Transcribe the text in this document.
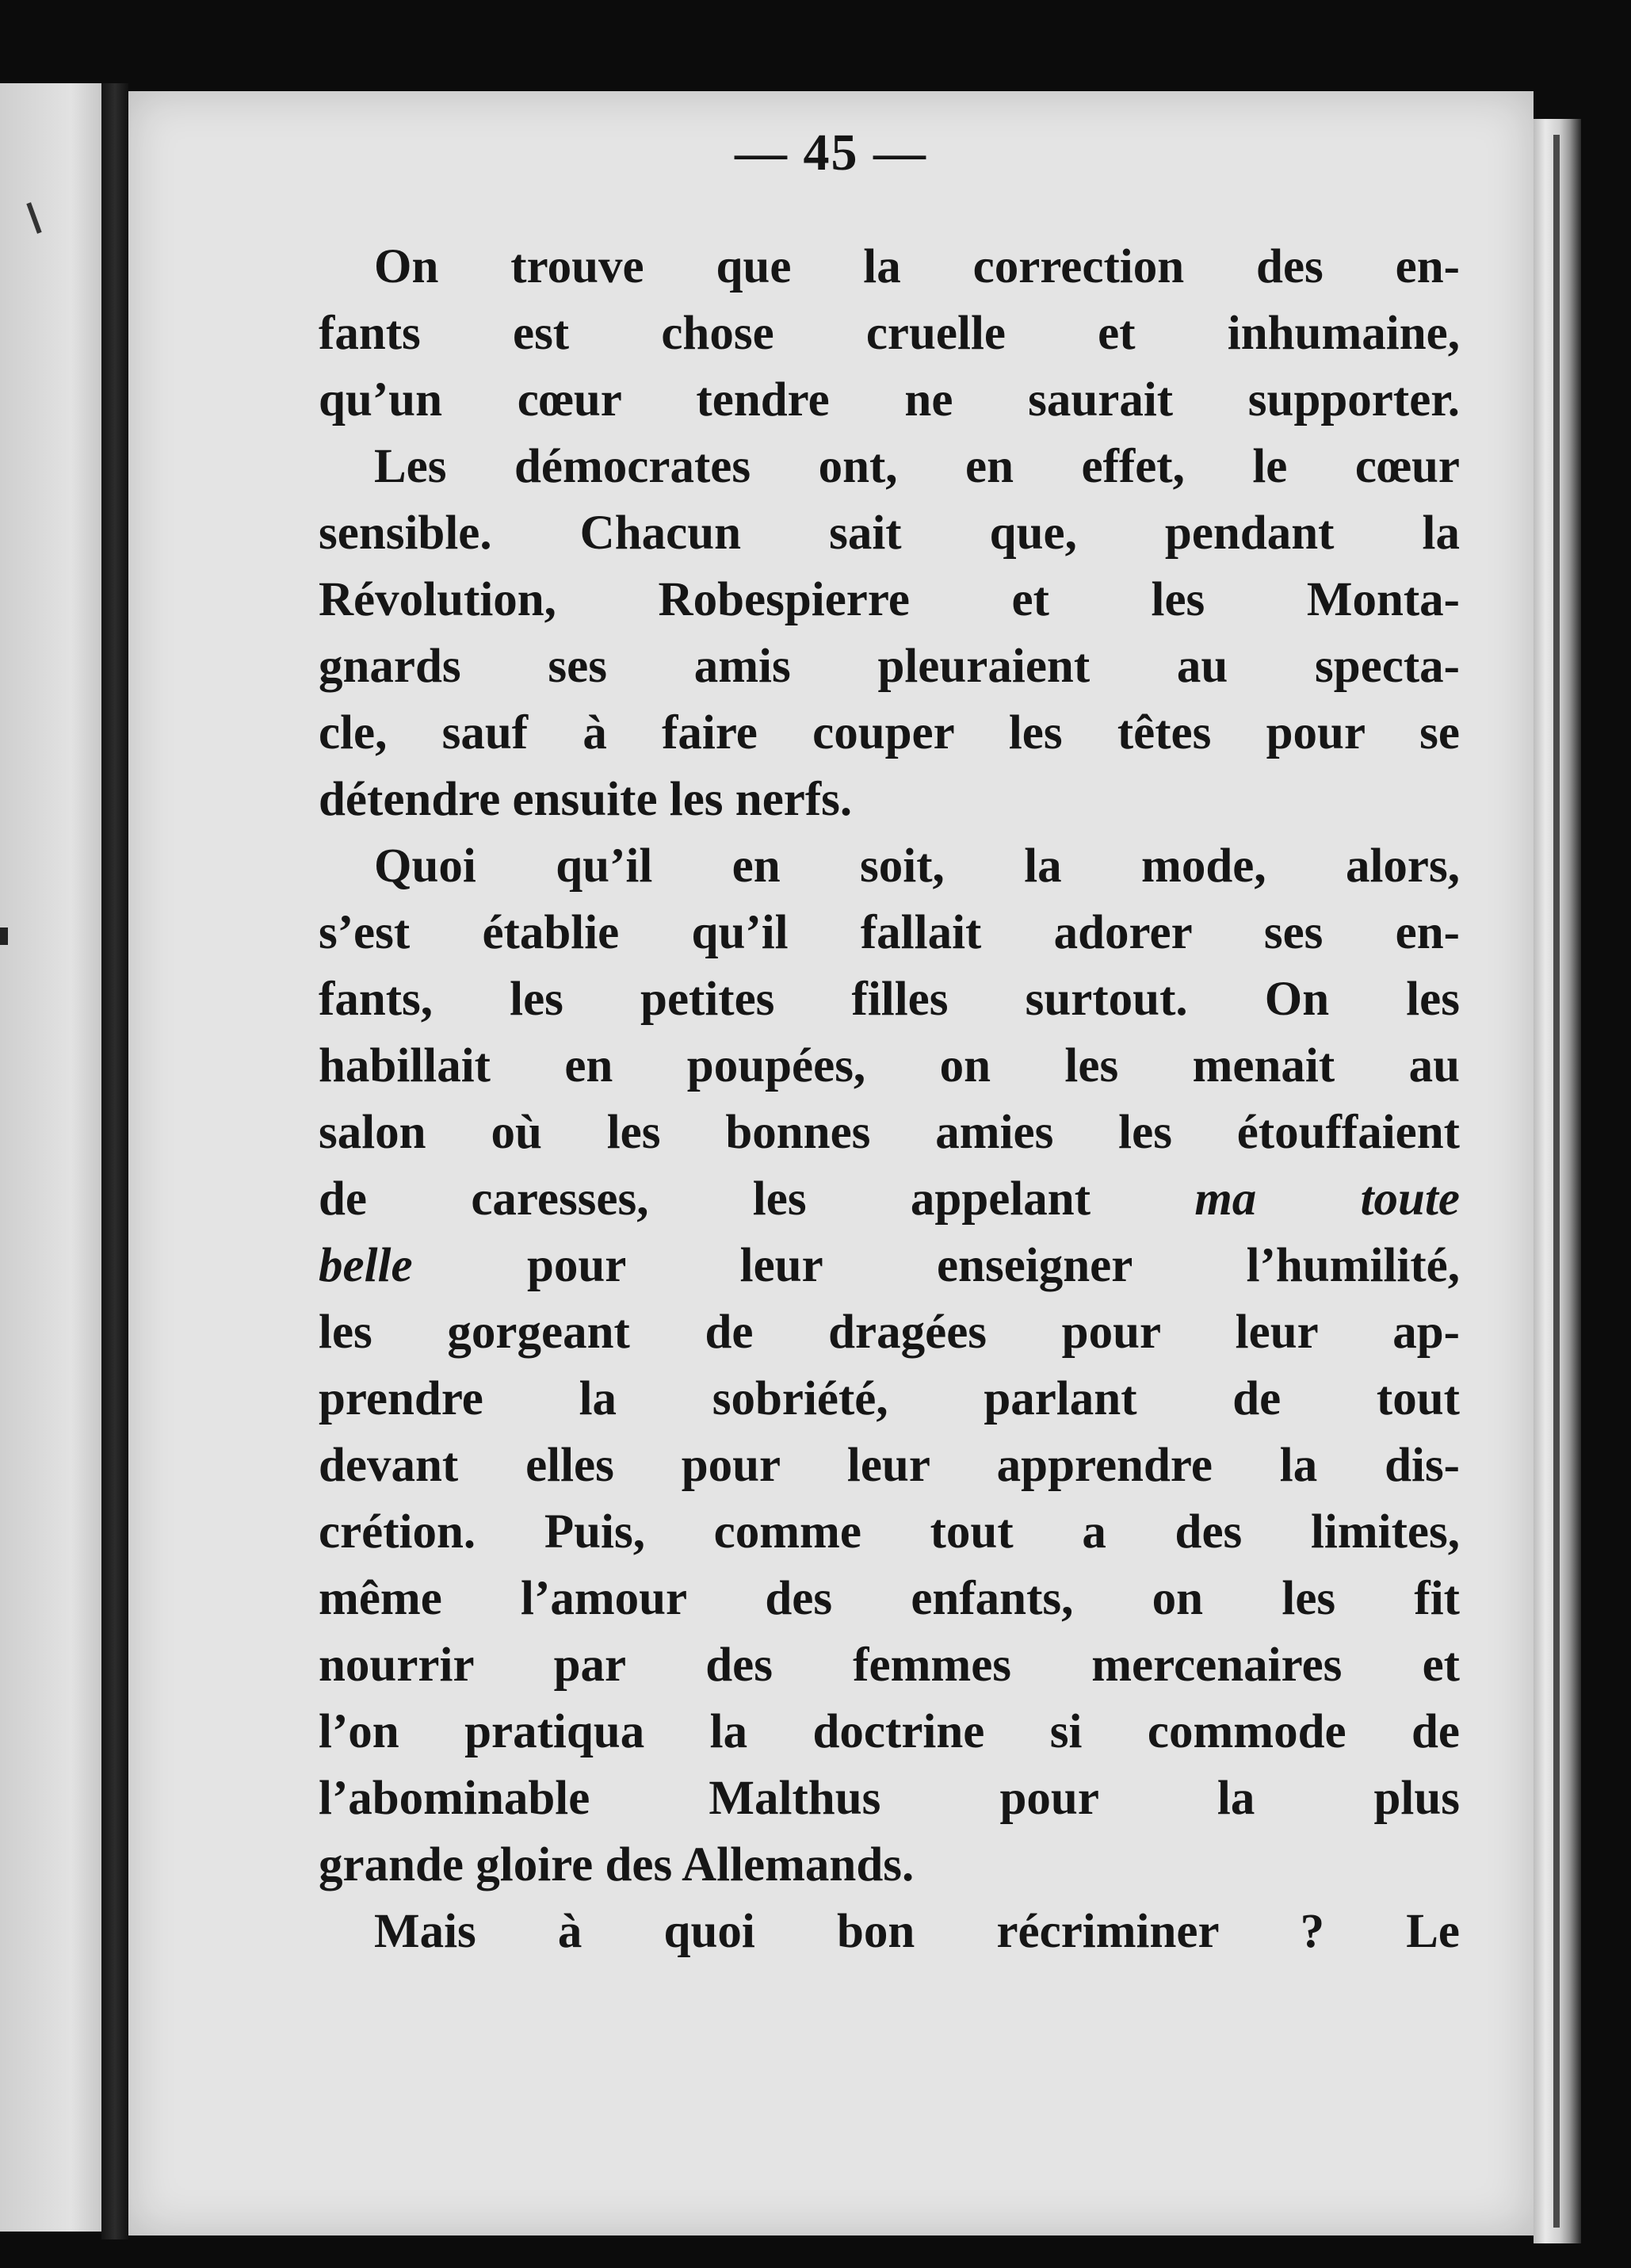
— 45 —
On trouve que la correction des en-
fants est chose cruelle et inhumaine,
qu’un cœur tendre ne saurait supporter.
Les démocrates ont, en effet, le cœur
sensible. Chacun sait que, pendant la
Révolution, Robespierre et les Monta-
gnards ses amis pleuraient au specta-
cle, sauf à faire couper les têtes pour se
détendre ensuite les nerfs.
Quoi qu’il en soit, la mode, alors,
s’est établie qu’il fallait adorer ses en-
fants, les petites filles surtout. On les
habillait en poupées, on les menait au
salon où les bonnes amies les étouffaient
de caresses, les appelant ma toute
belle pour leur enseigner l’humilité,
les gorgeant de dragées pour leur ap-
prendre la sobriété, parlant de tout
devant elles pour leur apprendre la dis-
crétion. Puis, comme tout a des limites,
même l’amour des enfants, on les fit
nourrir par des femmes mercenaires et
l’on pratiqua la doctrine si commode de
l’abominable Malthus pour la plus
grande gloire des Allemands.
Mais à quoi bon récriminer ? Le
